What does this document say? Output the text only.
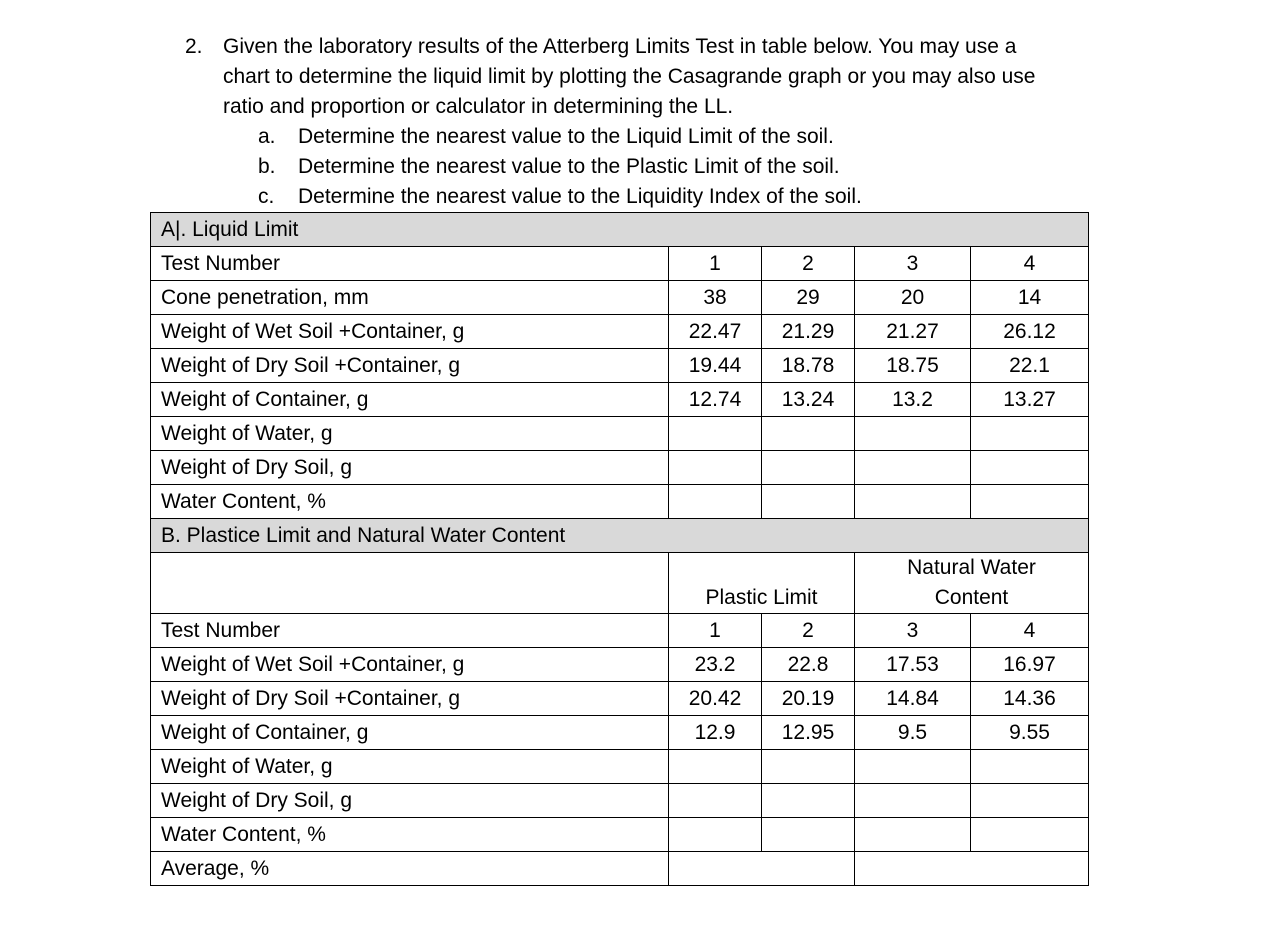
2. Given the laboratory results of the Atterberg Limits Test in table below. You may use a
chart to determine the liquid limit by plotting the Casagrande graph or you may also use
ratio and proportion or calculator in determining the LL.
a.	Determine the nearest value to the Liquid Limit of the soil.
b.	Determine the nearest value to the Plastic Limit of the soil.
c.	Determine the nearest value to the Liquidity Index of the soil.
A|. Liquid Limit				
Test Number	1	2	3	4
Cone penetration, mm	38	29	20	14
Weight of Wet Soil +Container, g	22.47	21.29	21.27	26.12
Weight of Dry Soil +Container, g	19.44	18.78	18.75	22.1
Weight of Container, g	12.74	13.24	13.2	13.27
Weight of Water, g				
Weight of Dry Soil, g				
Water Content, %				
B. Plastice Limit and Natural Water Content				

	Plastic Limit		Natural Water
Content	

Test Number	1	2	3	4
Weight of Wet Soil +Container, g	23.2	22.8	17.53	16.97
Weight of Dry Soil +Container, g	20.42	20.19	14.84	14.36
Weight of Container, g	12.9	12.95	9.5	9.55
Weight of Water, g				
Weight of Dry Soil, g				
Water Content, %				
Average, %				
